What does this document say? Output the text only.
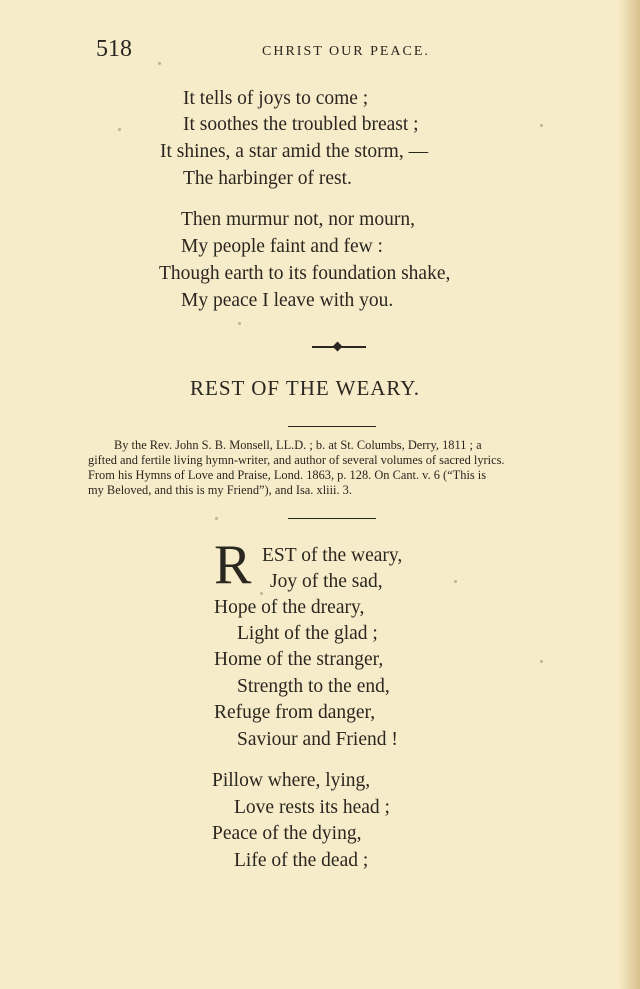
518	CHRIST OUR PEACE.
It tells of joys to come ;
It soothes the troubled breast ;
It shines, a star amid the storm, —
The harbinger of rest.
Then murmur not, nor mourn,
My people faint and few :
Though earth to its foundation shake,
My peace I leave with you.
REST OF THE WEARY.
By the Rev. John S. B. Monsell, LL.D. ; b. at St. Columbs, Derry, 1811 ; a
gifted and fertile living hymn-writer, and author of several volumes of sacred lyrics.
From his Hymns of Love and Praise, Lond. 1863, p. 128. On Cant. v. 6 (“This is
my Beloved, and this is my Friend”), and Isa. xliii. 3.
R EST of the weary,
Joy of the sad,
Hope of the dreary,
Light of the glad ;
Home of the stranger,
Strength to the end,
Refuge from danger,
Saviour and Friend !
Pillow where, lying,
Love rests its head ;
Peace of the dying,
Life of the dead ;
